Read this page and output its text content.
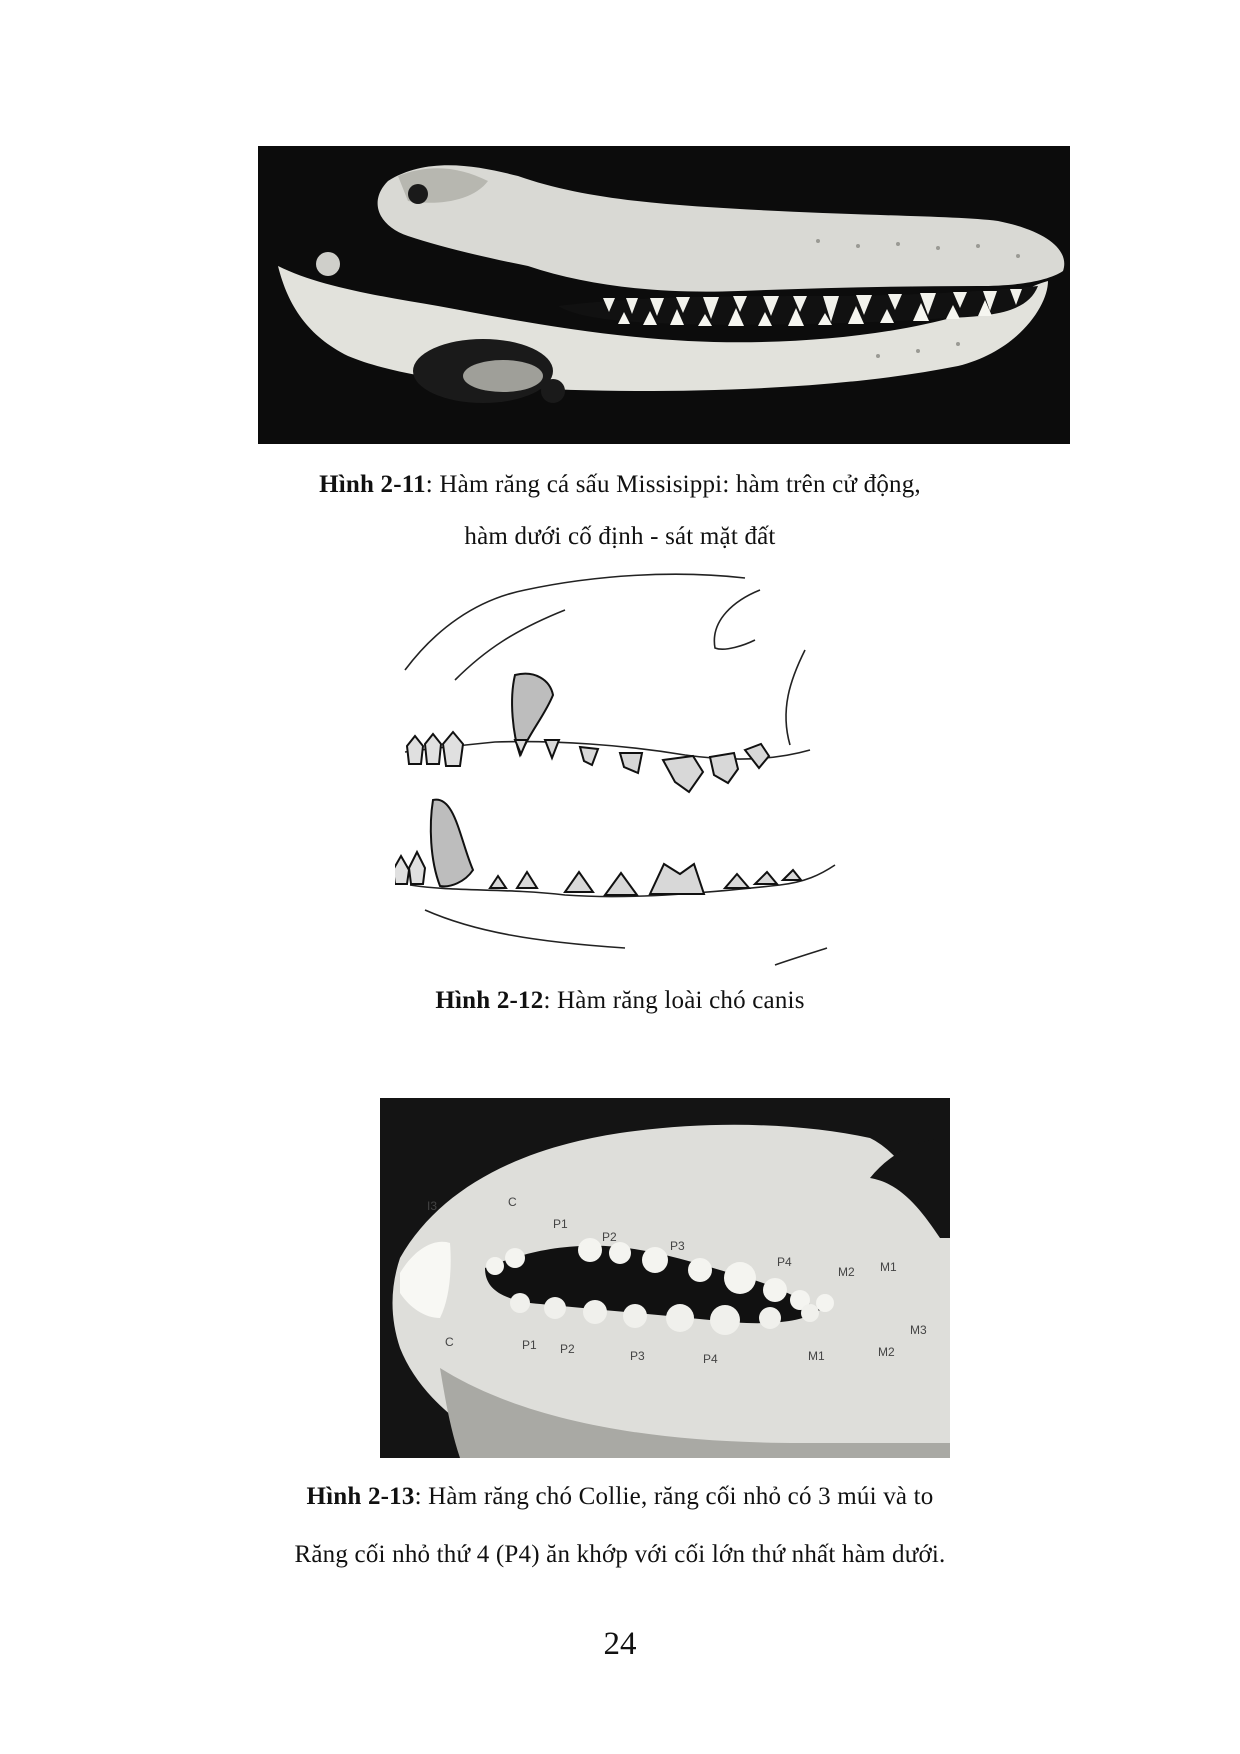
Hình 2-11: Hàm răng cá sấu Missisippi: hàm trên cử động,
hàm dưới cố định - sát mặt đất
Hình 2-12: Hàm răng loài chó canis
I3	C
P1
P2
P3
P4
M2 M1
C	P1 P2	P3	P4	M1	M2
M3
Hình 2-13: Hàm răng chó Collie, răng cối nhỏ có 3 múi và to
Răng cối nhỏ thứ 4 (P4) ăn khớp với cối lớn thứ nhất hàm dưới.
24
